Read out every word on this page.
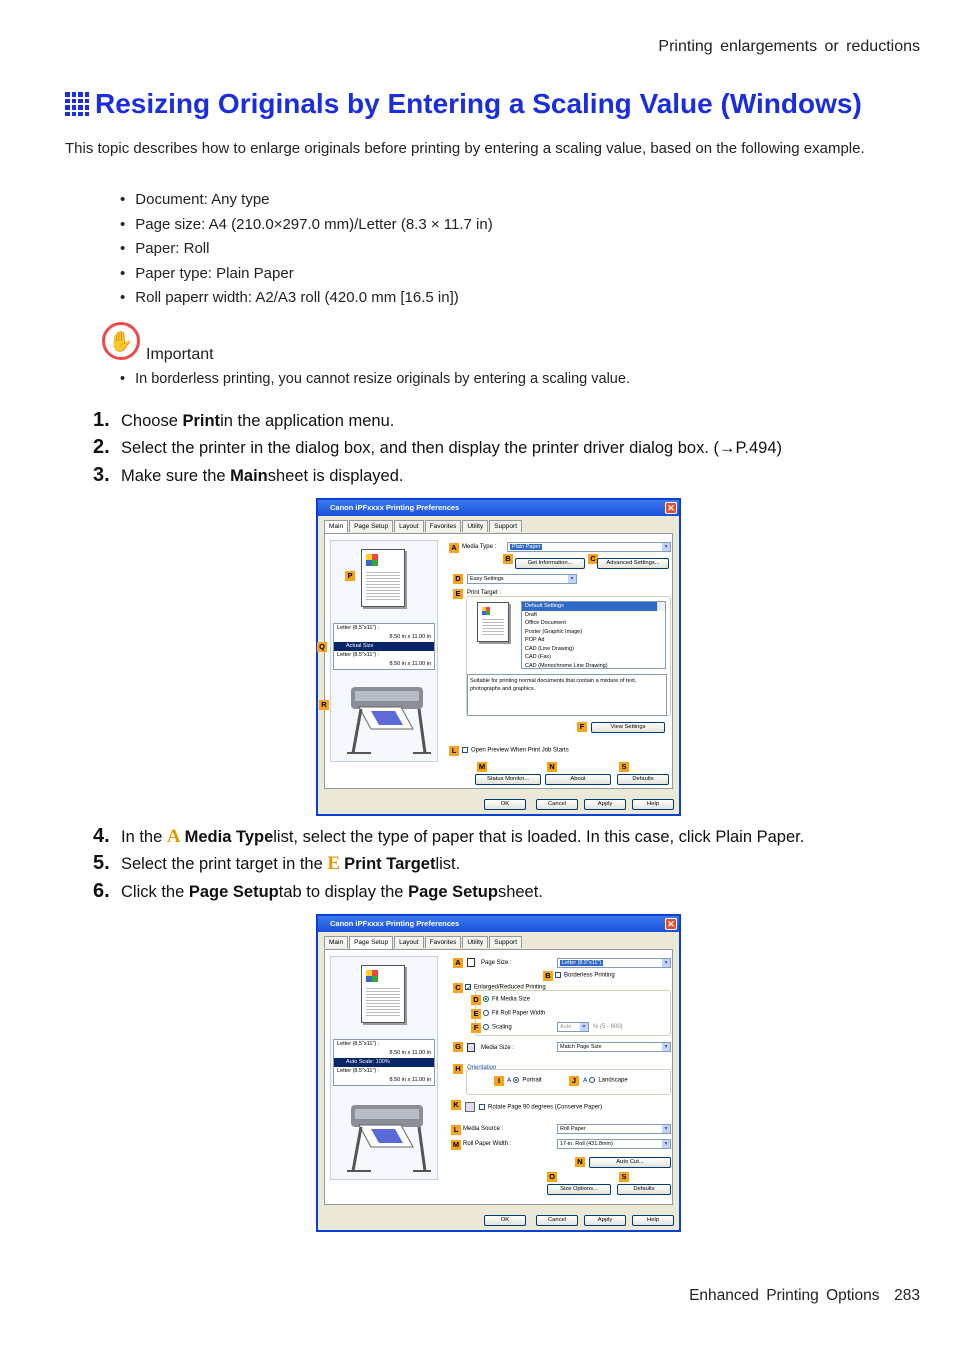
Printing enlargements or reductions
Resizing Originals by Entering a Scaling Value (Windows)
This topic describes how to enlarge originals before printing by entering a scaling value, based on the following example.
• Document: Any type
• Page size: A4 (210.0×297.0 mm)/Letter (8.3 × 11.7 in)
• Paper: Roll
• Paper type: Plain Paper
• Roll paperr width: A2/A3 roll (420.0 mm [16.5 in])
✋
Important
• In borderless printing, you cannot resize originals by entering a scaling value.
1. Choose
Print in the application menu.
2. Select the printer in the dialog box, and then display the printer driver dialog box. (→P.494)
3. Make sure the
Main sheet is displayed.
Canon iPFxxxx Printing Preferences	✕
Main	Page Setup	Layout	Favorites	Utility	Support
Letter (8.5"x11") :
8.50 in x 11.00 in
Actual Size
Letter (8.5"x11") :
8.50 in x 11.00 in
A Media Type :	Plain Paper ▾
B	Get Information...	C	Advanced Settings...
D	Easy Settings ▾
E	Print Target :
Default Settings
Draft
Office Document
Poster (Graphic Image)
POP Ad
CAD (Line Drawing)
CAD (Fax)
CAD (Monochrome Line Drawing)
Suitable for printing normal documents that contain a mixture of text, photographs and graphics.
F	View Settings
L	Open Preview When Print Job Starts
M	N	S
Status Monitor...	About	Defaults
P
Q
R
OK	Cancel	Apply	Help
4. In the
A Media Type list, select the type of paper that is loaded. In this case, click Plain Paper.
5. Select the print target in the
E Print Target list.
6. Click the
Page Setup tab to display the
Page Setup sheet.
Canon iPFxxxx Printing Preferences	✕
Main	Page Setup	Layout	Favorites	Utility	Support
Letter (8.5"x11") :
8.50 in x 11.00 in
Auto Scale: 100%
Letter (8.5"x11") :
8.50 in x 11.00 in
A	Page Size :	Letter (8.5"x11") ▾
B	Borderless Printing
C ✓ Enlarged/Reduced Printing
D	Fit Media Size
E	Fit Roll Paper Width
F	Scaling	Auto ▾	% (5 - 600)
G	Media Size :	Match Page Size ▾
H	Orientation
I	A Portrait	J	A Landscape
K	Rotate Page 90 degrees (Conserve Paper)
L Media Source :	Roll Paper ▾
M Roll Paper Width :	17-in. Roll (431.8mm) ▾
N	Auto Cut...
O	S
Size Options...	Defaults
OK	Cancel	Apply	Help
Enhanced Printing Options 283
